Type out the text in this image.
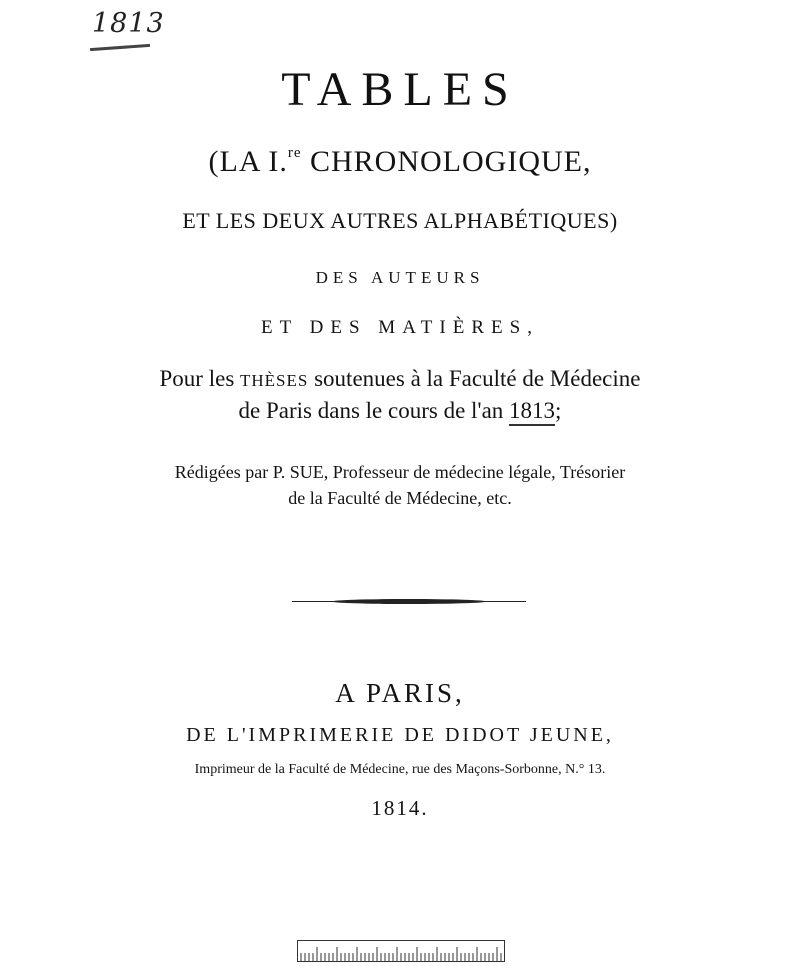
1813
TABLES
(LA I.$^{re}$ CHRONOLOGIQUE,
ET LES DEUX AUTRES ALPHABÉTIQUES)
DES AUTEURS
ET DES MATIÈRES,
Pour les THÈSES soutenues à la Faculté de Médecine
de Paris dans le cours de l'an 1813;
Rédigées par P. SUE, Professeur de médecine légale, Trésorier
de la Faculté de Médecine, etc.
A PARIS,
DE L'IMPRIMERIE DE DIDOT JEUNE,
Imprimeur de la Faculté de Médecine, rue des Maçons-Sorbonne, N.° 13.
1814.
